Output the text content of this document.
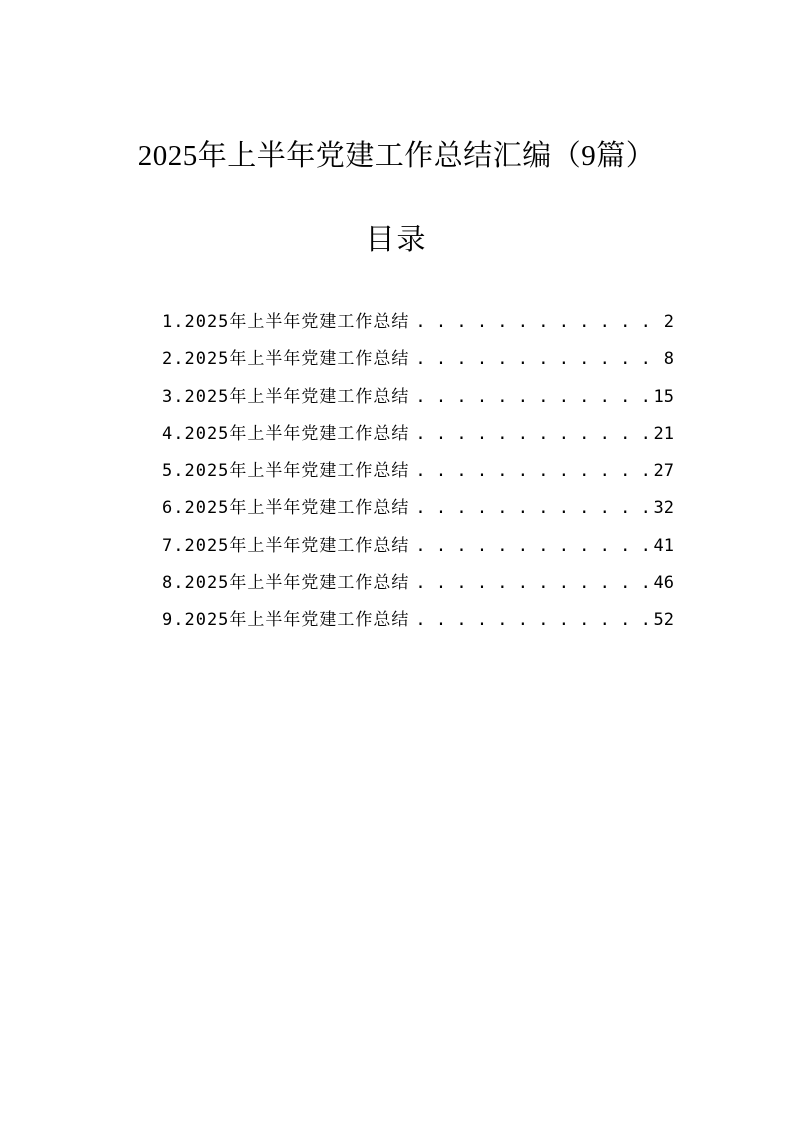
2025年上半年党建工作总结汇编（9篇）
目录
1.2025年上半年党建工作总结 . . .	2
2.2025年上半年党建工作总结 . . .	8
3.2025年上半年党建工作总结 . . .	15
4.2025年上半年党建工作总结 . . .	21
5.2025年上半年党建工作总结 . . .	27
6.2025年上半年党建工作总结 . . .	32
7.2025年上半年党建工作总结 . . .	41
8.2025年上半年党建工作总结 . . .	46
9.2025年上半年党建工作总结 . . .	52
